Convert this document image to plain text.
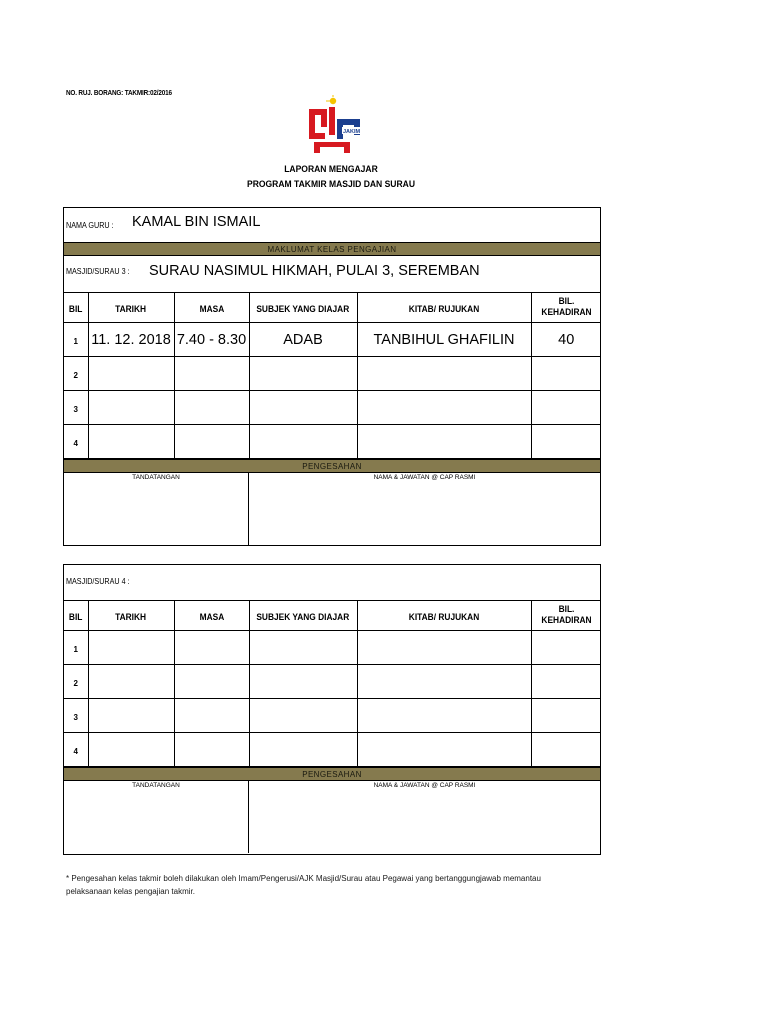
NO. RUJ. BORANG: TAKMIR:02/2016
JAKIM
LAPORAN MENGAJAR
PROGRAM TAKMIR MASJID DAN SURAU
NAMA GURU : KAMAL BIN ISMAIL
MAKLUMAT KELAS PENGAJIAN
MASJID/SURAU 3 : SURAU NASIMUL HIKMAH, PULAI 3, SEREMBAN
BIL	TARIKH	MASA	SUBJEK YANG DIAJAR	KITAB/ RUJUKAN	BIL.
KEHADIRAN
1	11. 12. 2018	7.40 - 8.30	ADAB	TANBIHUL GHAFILIN	40
2					
3					
4					
PENGESAHAN
TANDATANGAN	NAMA & JAWATAN @ CAP RASMI
MASJID/SURAU 4 :
BIL	TARIKH	MASA	SUBJEK YANG DIAJAR	KITAB/ RUJUKAN	BIL.
KEHADIRAN
1					
2					
3					
4					
PENGESAHAN
TANDATANGAN	NAMA & JAWATAN @ CAP RASMI
* Pengesahan kelas takmir boleh dilakukan oleh Imam/Pengerusi/AJK Masjid/Surau atau Pegawai yang bertanggungjawab memantau pelaksanaan kelas pengajian takmir.
